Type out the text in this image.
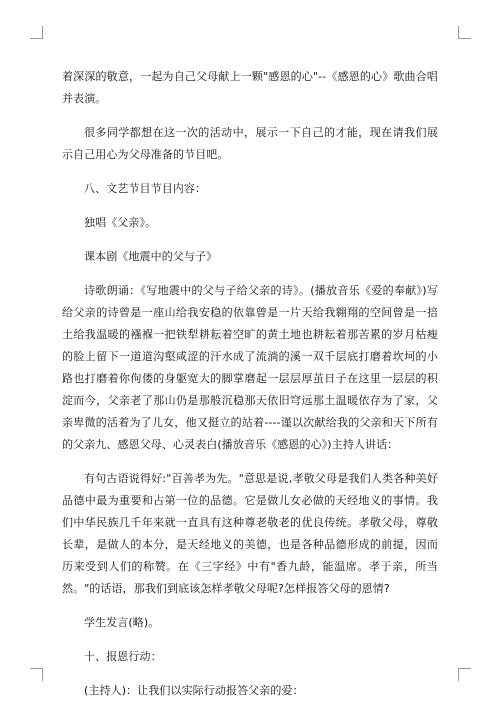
着深深的敬意，一起为自己父母献上一颗"感恩的心"--《感恩的心》歌曲合唱并表演。

很多同学都想在这一次的活动中，展示一下自己的才能，现在请我们展示自己用心为父母准备的节目吧。

八、文艺节目节目内容：

独唱《父亲》。

课本剧《地震中的父与子》

诗歌朗诵：《写地震中的父与子给父亲的诗》。(播放音乐《爱的奉献》)写给父亲的诗曾是一座山给我安稳的依靠曾是一片天给我翱翔的空间曾是一掊土给我温暖的襁褓一把铁犁耕耘着空旷的黄土地也耕耘着那苦累的岁月枯瘦的脸上留下一道道沟壑咸涩的汗水成了流淌的溪一双千层底打磨着坎坷的小路也打磨着你佝偻的身躯宽大的脚掌磨起一层层厚茧日子在这里一层层的积淀而今，父亲老了那山仍是那般沉稳那天依旧穹远那土温暖依存为了家，父亲卑微的活着为了儿女，他又挺立的站着----谨以次献给我的父亲和天下所有的父亲九、感恩父母、心灵表白(播放音乐《感恩的心》)主持人讲话：

有句古语说得好:"百善孝为先。"意思是说,孝敬父母是我们人类各种美好品德中最为重要和占第一位的品德。它是做儿女必做的天经地义的事情。我们中华民族几千年来就一直具有这种尊老敬老的优良传统。孝敬父母，尊敬长辈，是做人的本分，是天经地义的美德，也是各种品德形成的前提，因而历来受到人们的称赞。在《三字经》中有"香九龄，能温席。孝于亲，所当然。"的话语，那我们到底该怎样孝敬父母呢?怎样报答父母的恩情?

学生发言(略)。

十、报恩行动：

(主持人)：让我们以实际行动报答父亲的爱：
